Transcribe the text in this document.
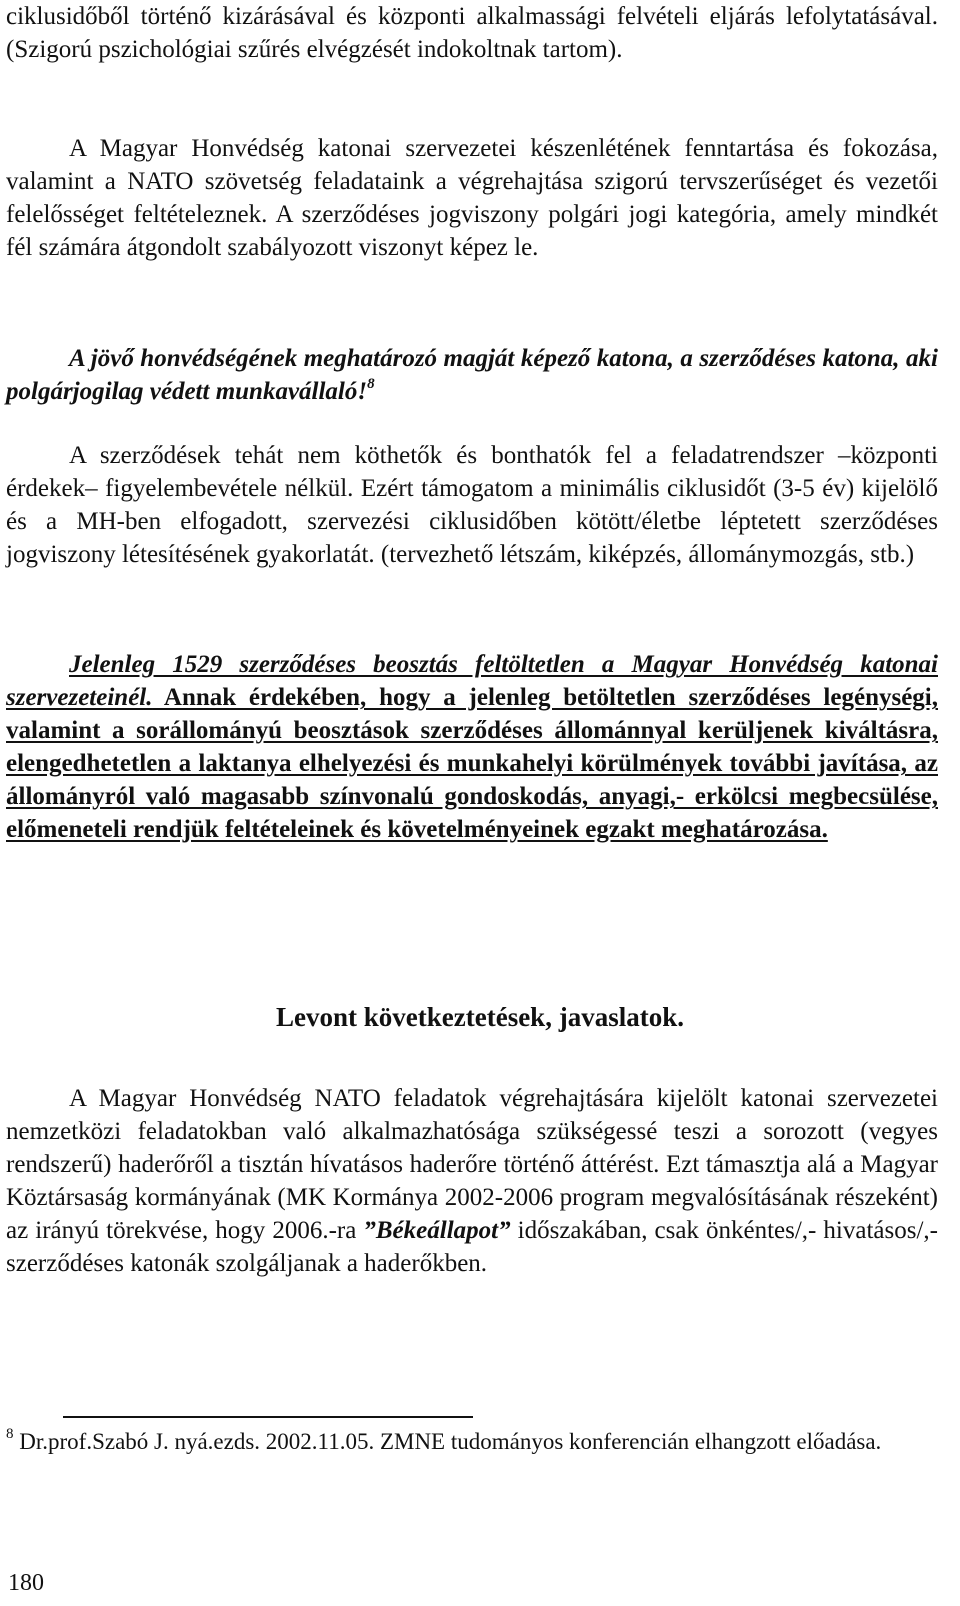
ciklusidőből történő kizárásával és központi alkalmassági felvételi eljárás lefolytatásával. (Szigorú pszichológiai szűrés elvégzését indokoltnak tartom).

A Magyar Honvédség katonai szervezetei készenlétének fenntartása és fokozása, valamint a NATO szövetség feladataink a végrehajtása szigorú tervszerűséget és vezetői felelősséget feltételeznek. A szerződéses jogviszony polgári jogi kategória, amely mindkét fél számára átgondolt szabályozott viszonyt képez le.

A jövő honvédségének meghatározó magját képező katona, a szerződéses katona, aki polgárjogilag védett munkavállaló!$^8$

A szerződések tehát nem köthetők és bonthatók fel a feladatrendszer –központi érdekek– figyelembevétele nélkül. Ezért támogatom a minimális ciklusidőt (3-5 év) kijelölő és a MH-ben elfogadott, szervezési ciklusidőben kötött/életbe léptetett szerződéses jogviszony létesítésének gyakorlatát. (tervezhető létszám, kiképzés, állománymozgás, stb.)

Jelenleg 1529 szerződéses beosztás feltöltetlen a Magyar Honvédség katonai szervezeteinél. Annak érdekében, hogy a jelenleg betöltetlen szerződéses legénységi, valamint a sorállományú beosztások szerződéses állománnyal kerüljenek kiváltásra, elengedhetetlen a laktanya elhelyezési és munkahelyi körülmények további javítása, az állományról való magasabb színvonalú gondoskodás, anyagi,- erkölcsi megbecsülése, előmeneteli rendjük feltételeinek és követelményeinek egzakt meghatározása.

Levont következtetések, javaslatok.

A Magyar Honvédség NATO feladatok végrehajtására kijelölt katonai szervezetei nemzetközi feladatokban való alkalmazhatósága szükségessé teszi a sorozott (vegyes rendszerű) haderőről a tisztán hívatásos haderőre történő áttérést. Ezt támasztja alá a Magyar Köztársaság kormányának (MK Kormánya 2002-2006 program megvalósításának részeként) az irányú törekvése, hogy 2006.-ra ”Békeállapot” időszakában, csak önkéntes/,- hivatásos/,- szerződéses katonák szolgáljanak a haderőkben.

$^8$ Dr.prof.Szabó J. nyá.ezds. 2002.11.05. ZMNE tudományos konferencián elhangzott előadása.

180
